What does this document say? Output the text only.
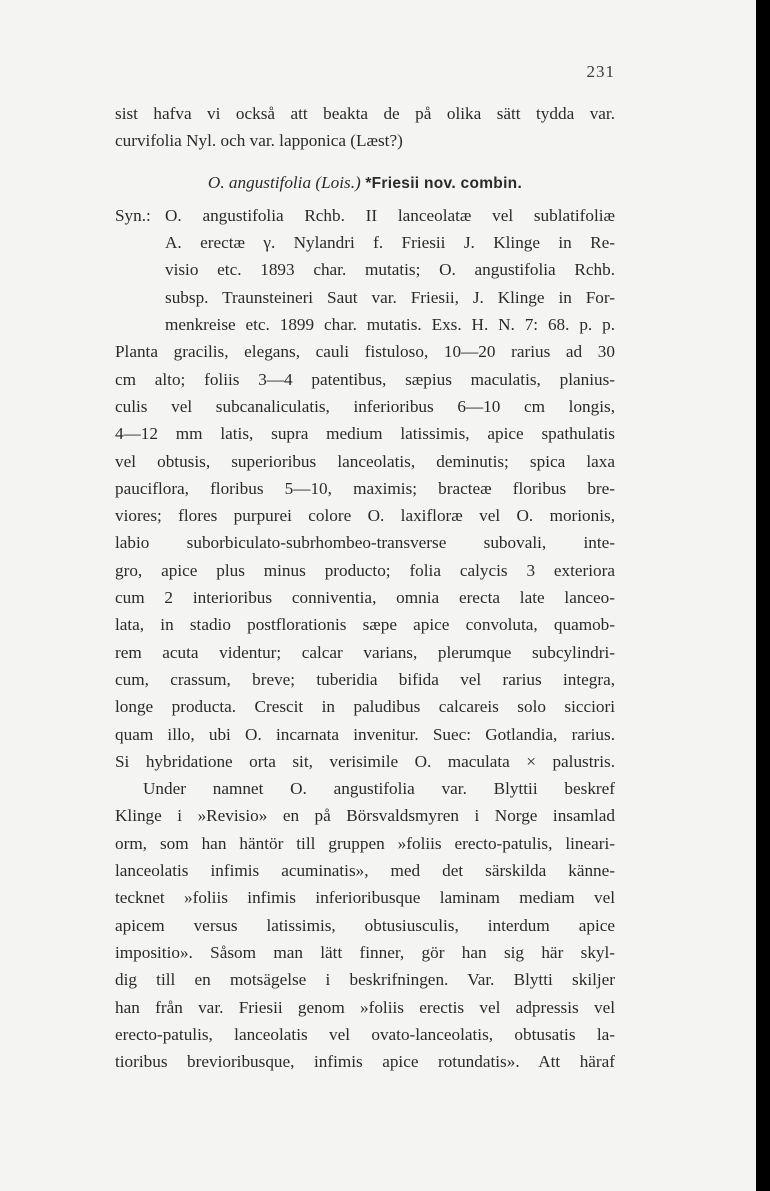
231
sist hafva vi också att beakta de på olika sätt tydda var.
curvifolia Nyl. och var. lapponica (Læst?)
O. angustifolia (Lois.) *Friesii nov. combin.
Syn.: O. angustifolia Rchb. II lanceolatæ vel sublatifoliæ
A. erectæ γ. Nylandri f. Friesii J. Klinge in Re-
visio etc. 1893 char. mutatis; O. angustifolia Rchb.
subsp. Traunsteineri Saut var. Friesii, J. Klinge in For-
menkreise etc. 1899 char. mutatis. Exs. H. N. 7: 68. p. p.
Planta gracilis, elegans, cauli fistuloso, 10—20 rarius ad 30
cm alto; foliis 3—4 patentibus, sæpius maculatis, planius-
culis vel subcanaliculatis, inferioribus 6—10 cm longis,
4—12 mm latis, supra medium latissimis, apice spathulatis
vel obtusis, superioribus lanceolatis, deminutis; spica laxa
pauciflora, floribus 5—10, maximis; bracteæ floribus bre-
viores; flores purpurei colore O. laxifloræ vel O. morionis,
labio suborbiculato-subrhombeo-transverse subovali, inte-
gro, apice plus minus producto; folia calycis 3 exteriora
cum 2 interioribus conniventia, omnia erecta late lanceo-
lata, in stadio postflorationis sæpe apice convoluta, quamob-
rem acuta videntur; calcar varians, plerumque subcylindri-
cum, crassum, breve; tuberidia bifida vel rarius integra,
longe producta. Crescit in paludibus calcareis solo sicciori
quam illo, ubi O. incarnata invenitur. Suec: Gotlandia, rarius.
Si hybridatione orta sit, verisimile O. maculata × palustris.
Under namnet O. angustifolia var. Blyttii beskref
Klinge i »Revisio» en på Börsvaldsmyren i Norge insamlad
orm, som han häntör till gruppen »foliis erecto-patulis, lineari-
lanceolatis infimis acuminatis», med det särskilda känne-
tecknet »foliis infimis inferioribusque laminam mediam vel
apicem versus latissimis, obtusiusculis, interdum apice
impositio». Såsom man lätt finner, gör han sig här skyl-
dig till en motsägelse i beskrifningen. Var. Blytti skiljer
han från var. Friesii genom »foliis erectis vel adpressis vel
erecto-patulis, lanceolatis vel ovato-lanceolatis, obtusatis la-
tioribus brevioribusque, infimis apice rotundatis». Att häraf
